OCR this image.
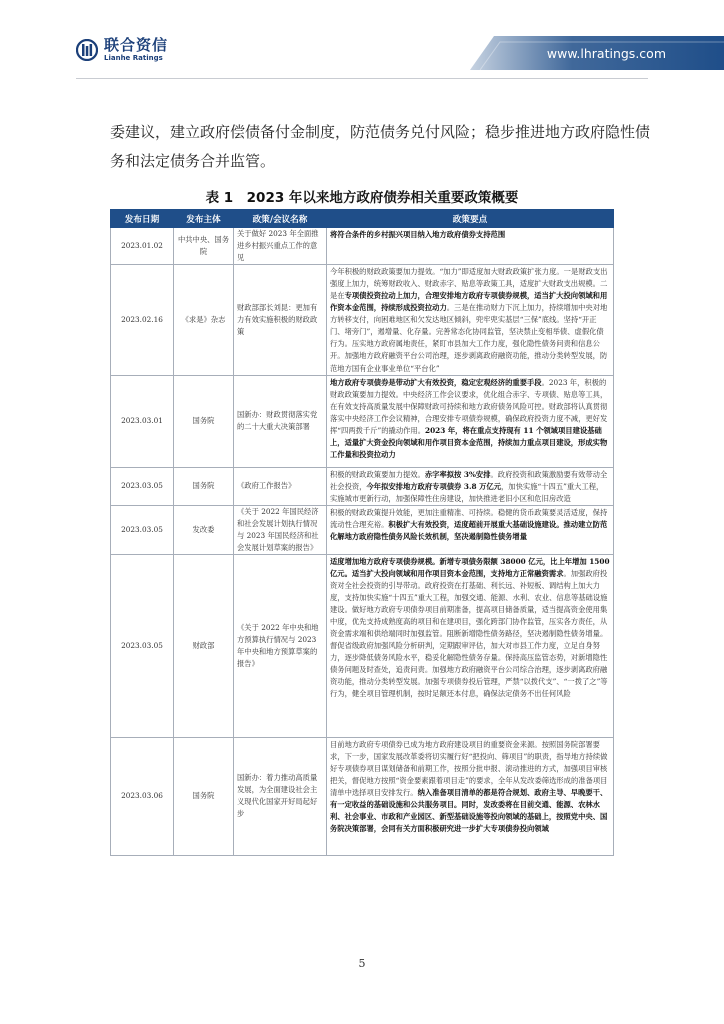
联合资信
Lianhe Ratings	www.lhratings.com
委建议，建立政府偿债备付金制度，防范债务兑付风险；稳步推进地方政府隐性债务和法定债务合并监管。
表 1　2023 年以来地方政府债券相关重要政策概要
发布日期	发布主体	政策/会议名称	政策要点
2023.01.02	中共中央、国务院	关于做好 2023 年全面推进乡村振兴重点工作的意见	将符合条件的乡村振兴项目纳入地方政府债券支持范围
2023.02.16	《求是》杂志	财政部部长刘昆：更加有力有效实施积极的财政政策	今年积极的财政政策要加力提效。“加力”即适度加大财政政策扩张力度。一是财政支出强度上加力，统筹财政收入、财政赤字、贴息等政策工具，适度扩大财政支出规模。二是在专项债投资拉动上加力，合理安排地方政府专项债券规模，适当扩大投向领域和用作资本金范围，持续形成投资拉动力。三是在推动财力下沉上加力，持续增加中央对地方转移支付，向困难地区和欠发达地区倾斜，兜牢兜实基层“三保”底线。坚持“开正门、堵旁门”，遏增量、化存量。完善常态化协同监管，坚决禁止变相举债、虚假化债行为。压实地方政府属地责任，紧盯市县加大工作力度，强化隐性债务问责和信息公开。加强地方政府融资平台公司治理，逐步剥离政府融资功能，推动分类转型发展，防范地方国有企业事业单位“平台化”
2023.03.01	国务院	国新办：财政贯彻落实党的二十大重大决策部署	地方政府专项债券是带动扩大有效投资，稳定宏观经济的重要手段。2023 年，积极的财政政策要加力提效。中央经济工作会议要求，优化组合赤字、专项债、贴息等工具，在有效支持高质量发展中保障财政可持续和地方政府债务风险可控。财政部将认真贯彻落实中央经济工作会议精神，合理安排专项债券规模，确保政府投资力度不减，更好发挥“四两拨千斤”的撬动作用。2023 年，将在重点支持现有 11 个领域项目建设基础上，适量扩大资金投向领域和用作项目资本金范围，持续加力重点项目建设，形成实物工作量和投资拉动力
2023.03.05	国务院	《政府工作报告》	积极的财政政策要加力提效。赤字率拟按 3%安排。政府投资和政策激励要有效带动全社会投资，今年拟安排地方政府专项债券 3.8 万亿元，加快实施“十四五”重大工程，实施城市更新行动，加强保障性住房建设，加快推进老旧小区和危旧房改造
2023.03.05	发改委	《关于 2022 年国民经济和社会发展计划执行情况与 2023 年国民经济和社会发展计划草案的报告》	积极的财政政策提升效能，更加注重精准、可持续。稳健的货币政策要灵活适度，保持流动性合理充裕。积极扩大有效投资，适度超前开展重大基础设施建设。推动建立防范化解地方政府隐性债务风险长效机制，坚决遏制隐性债务增量
2023.03.05	财政部	《关于 2022 年中央和地方预算执行情况与 2023 年中央和地方预算草案的报告》	适度增加地方政府专项债券规模。新增专项债务限额 38000 亿元，比上年增加 1500 亿元。适当扩大投向领域和用作项目资本金范围，支持地方正常融资需求。加强政府投资对全社会投资的引导带动。政府投资在打基础、利长远、补短板、调结构上加大力度，支持加快实施“十四五”重大工程，加强交通、能源、水利、农业、信息等基础设施建设。做好地方政府专项债券项目前期准备，提高项目储备质量，适当提高资金使用集中度，优先支持成熟度高的项目和在建项目，强化跨部门协作监管，压实各方责任，从资金需求端和供给端同时加强监管。阻断新增隐性债务路径，坚决遏制隐性债务增量。督促省级政府加强风险分析研判，定期跟审评估，加大对市县工作力度，立足自身努力，逐步降低债务风险水平，稳妥化解隐性债务存量。保持高压监管态势，对新增隐性债务问题及时查处，追责问责。加强地方政府融资平台公司综合治理，逐步剥离政府融资功能，推动分类转型发展。加强专项债券投后管理，严禁“以拨代支”、“一拨了之”等行为，健全项目管理机制，按时足额还本付息，确保法定债务不出任何风险
2023.03.06	国务院	国新办：着力推动高质量发展，为全面建设社会主义现代化国家开好局起好步	目前地方政府专项债券已成为地方政府建设项目的重要资金来源。按照国务院部署要求，下一步，国家发展改革委将切实履行好“把投向、筛项目”的职责，指导地方持续做好专项债券项目谋划储备和前期工作，按照分批申报、滚动推进的方式，加强项目审核把关，督促地方按照“资金要素跟着项目走”的要求，全年从发改委筛选形成的准备项目清单中选择项目安排发行。纳入准备项目清单的都是符合规划、政府主导、早晚要干、有一定收益的基础设施和公共服务项目。同时，发改委将在目前交通、能源、农林水利、社会事业、市政和产业园区、新型基础设施等投向领域的基础上，按照党中央、国务院决策部署，会同有关方面积极研究进一步扩大专项债券投向领域
5
